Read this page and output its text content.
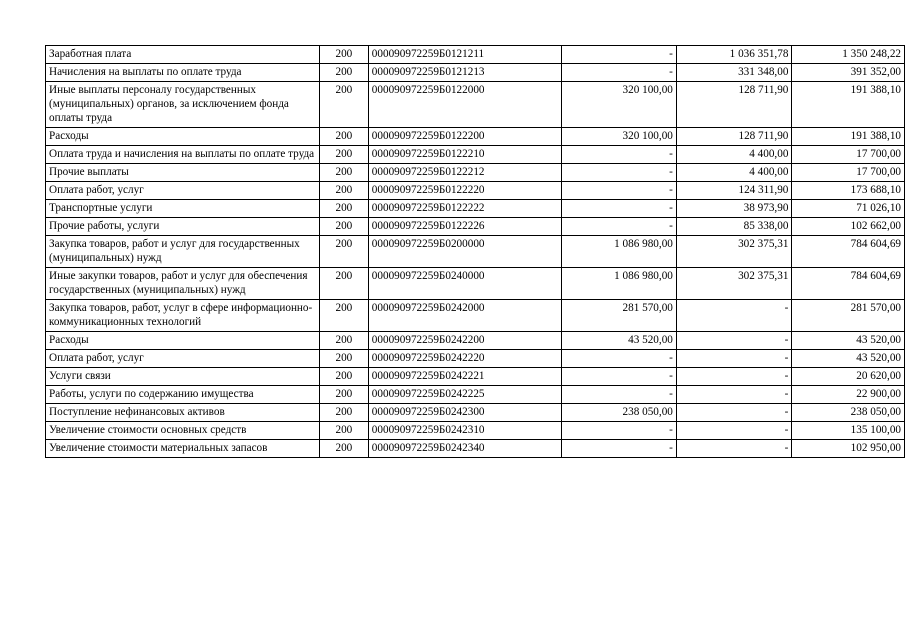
Заработная плата	200	000090972259Б0121211	-	1 036 351,78	1 350 248,22
Начисления на выплаты по оплате труда	200	000090972259Б0121213	-	331 348,00	391 352,00
Иные выплаты персоналу государственных (муниципальных) органов, за исключением фонда оплаты труда	200	000090972259Б0122000	320 100,00	128 711,90	191 388,10
Расходы	200	000090972259Б0122200	320 100,00	128 711,90	191 388,10
Оплата труда и начисления на выплаты по оплате труда	200	000090972259Б0122210	-	4 400,00	17 700,00
Прочие выплаты	200	000090972259Б0122212	-	4 400,00	17 700,00
Оплата работ, услуг	200	000090972259Б0122220	-	124 311,90	173 688,10
Транспортные услуги	200	000090972259Б0122222	-	38 973,90	71 026,10
Прочие работы, услуги	200	000090972259Б0122226	-	85 338,00	102 662,00
Закупка товаров, работ и услуг для государственных (муниципальных) нужд	200	000090972259Б0200000	1 086 980,00	302 375,31	784 604,69
Иные закупки товаров, работ и услуг для обеспечения государственных (муниципальных) нужд	200	000090972259Б0240000	1 086 980,00	302 375,31	784 604,69
Закупка товаров, работ, услуг в сфере информационно-коммуникационных технологий	200	000090972259Б0242000	281 570,00	-	281 570,00
Расходы	200	000090972259Б0242200	43 520,00	-	43 520,00
Оплата работ, услуг	200	000090972259Б0242220	-	-	43 520,00
Услуги связи	200	000090972259Б0242221	-	-	20 620,00
Работы, услуги по содержанию имущества	200	000090972259Б0242225	-	-	22 900,00
Поступление нефинансовых активов	200	000090972259Б0242300	238 050,00	-	238 050,00
Увеличение стоимости основных средств	200	000090972259Б0242310	-	-	135 100,00
Увеличение стоимости материальных запасов	200	000090972259Б0242340	-	-	102 950,00
